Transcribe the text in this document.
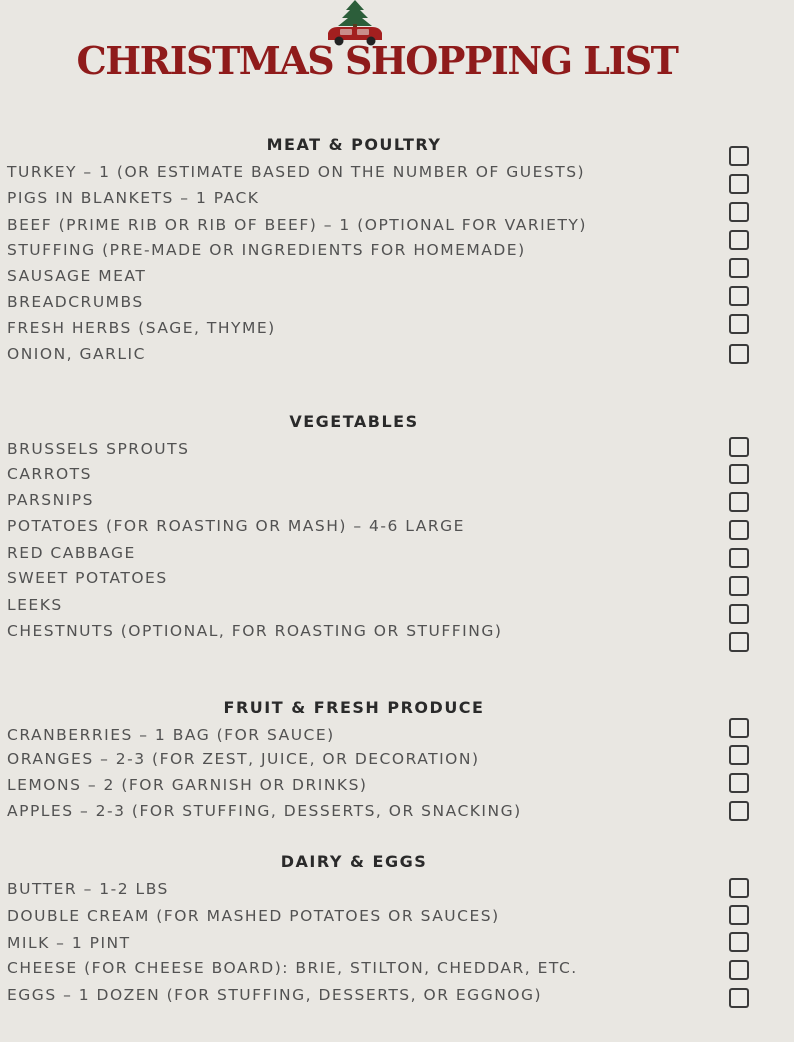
CHRISTMAS SHOPPING LIST
MEAT & POULTRY
TURKEY – 1 (OR ESTIMATE BASED ON THE NUMBER OF GUESTS)
PIGS IN BLANKETS – 1 PACK
BEEF (PRIME RIB OR RIB OF BEEF) – 1 (OPTIONAL FOR VARIETY)
STUFFING (PRE-MADE OR INGREDIENTS FOR HOMEMADE)
SAUSAGE MEAT
BREADCRUMBS
FRESH HERBS (SAGE, THYME)
ONION, GARLIC
VEGETABLES
BRUSSELS SPROUTS
CARROTS
PARSNIPS
POTATOES (FOR ROASTING OR MASH) – 4-6 LARGE
RED CABBAGE
SWEET POTATOES
LEEKS
CHESTNUTS (OPTIONAL, FOR ROASTING OR STUFFING)
FRUIT & FRESH PRODUCE
CRANBERRIES – 1 BAG (FOR SAUCE)
ORANGES – 2-3 (FOR ZEST, JUICE, OR DECORATION)
LEMONS – 2 (FOR GARNISH OR DRINKS)
APPLES – 2-3 (FOR STUFFING, DESSERTS, OR SNACKING)
DAIRY & EGGS
BUTTER – 1-2 LBS
DOUBLE CREAM (FOR MASHED POTATOES OR SAUCES)
MILK – 1 PINT
CHEESE (FOR CHEESE BOARD): BRIE, STILTON, CHEDDAR, ETC.
EGGS – 1 DOZEN (FOR STUFFING, DESSERTS, OR EGGNOG)
